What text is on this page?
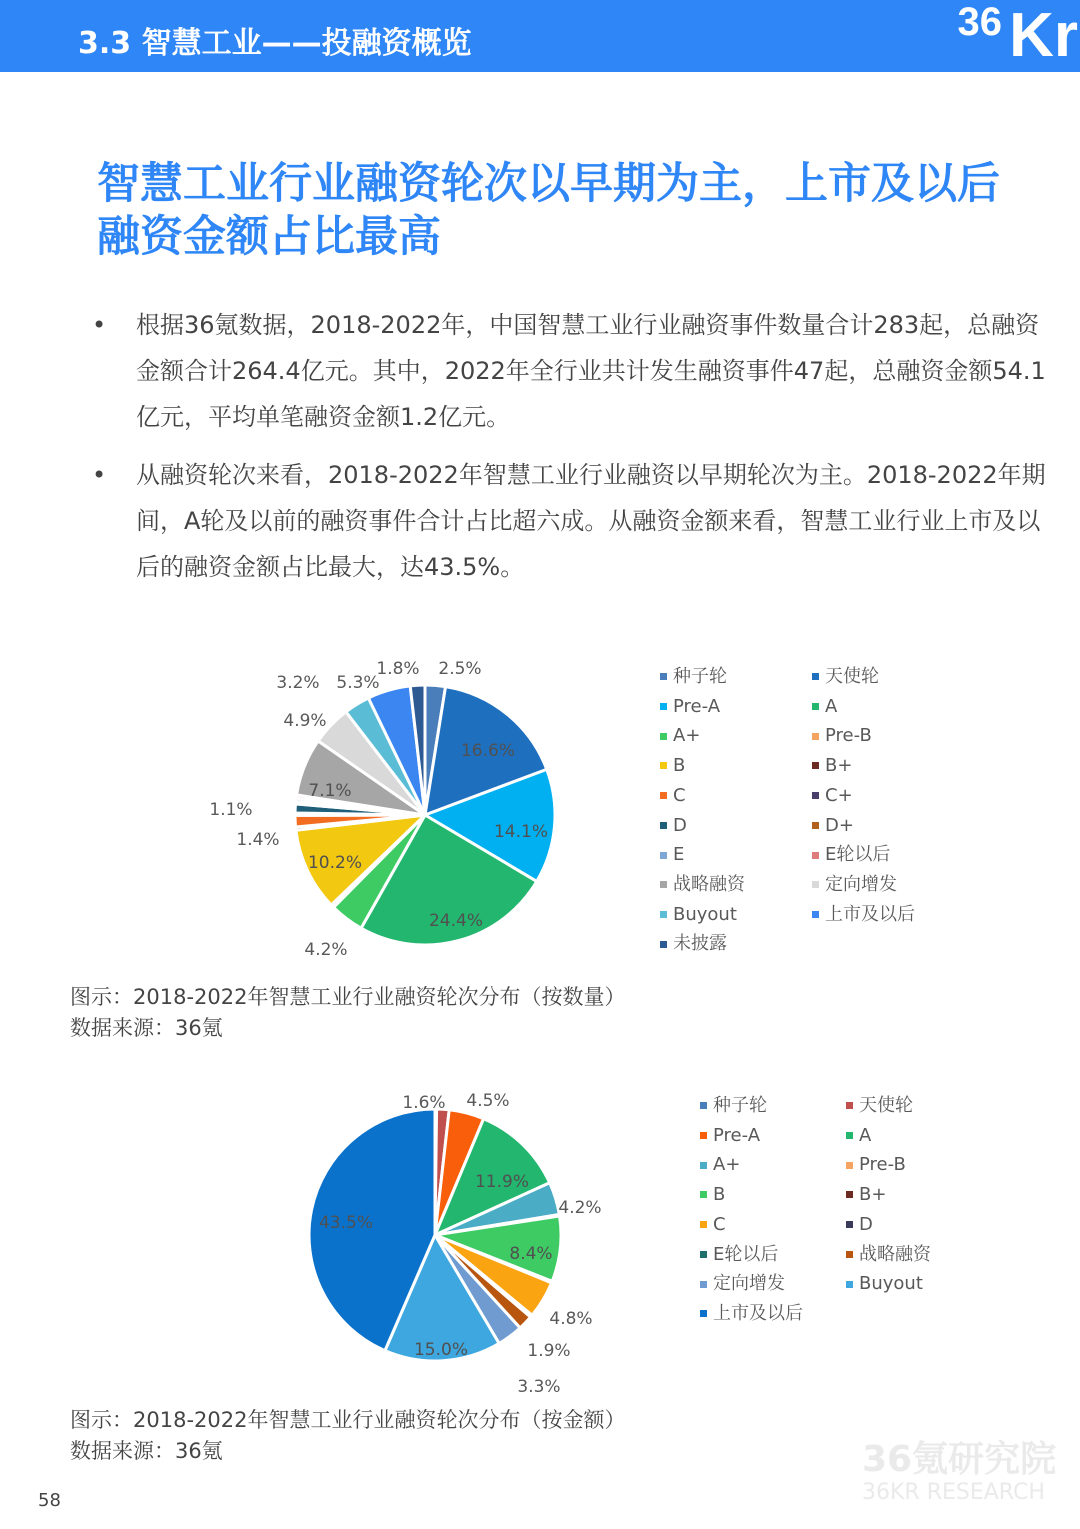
3.3 智慧工业——投融资概览	36 Kr
智慧工业行业融资轮次以早期为主，上市及以后融资金额占比最高
• 根据36氪数据，2018-2022年，中国智慧工业行业融资事件数量合计283起，总融资金额合计264.4亿元。其中，2022年全行业共计发生融资事件47起，总融资金额54.1亿元，平均单笔融资金额1.2亿元。
• 从融资轮次来看，2018-2022年智慧工业行业融资以早期轮次为主。2018-2022年期间，A轮及以前的融资事件合计占比超六成。从融资金额来看，智慧工业行业上市及以后的融资金额占比最大，达43.5%。
2.5%
16.6%
14.1%
24.4%
4.2%
10.2%
1.4%
1.1%
7.1%
4.9%
3.2% 5.3%
1.8%	种子轮	天使轮
Pre-A	A
A+	Pre-B
B	B+
C	C+
D	D+
E	E轮以后
战略融资	定向增发
Buyout	上市及以后
未披露
图示：2018-2022年智慧工业行业融资轮次分布（按数量）
数据来源：36氪
1.6% 4.5%
11.9%
4.2%
8.4%
4.8%
1.9%
3.3%
15.0%
43.5%
种子轮	天使轮
Pre-A	A
A+	Pre-B
B	B+
C	D
E轮以后	战略融资
定向增发	Buyout
上市及以后
图示：2018-2022年智慧工业行业融资轮次分布（按金额）
数据来源：36氪
58
36氪研究院
36KR RESEARCH
